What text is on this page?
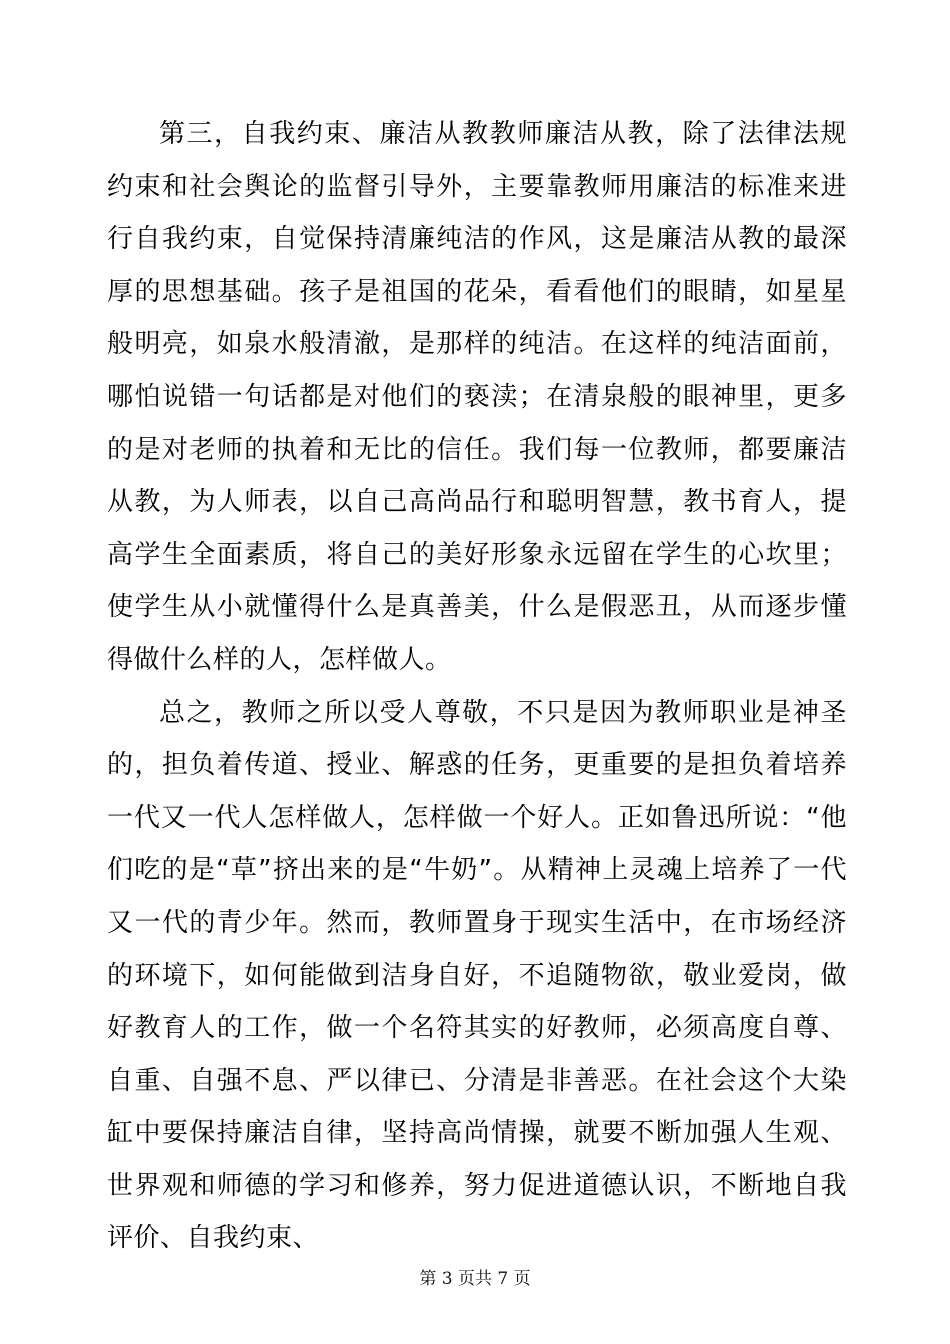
第三，自我约束、廉洁从教教师廉洁从教，除了法律法规约束和社会舆论的监督引导外，主要靠教师用廉洁的标准来进行自我约束，自觉保持清廉纯洁的作风，这是廉洁从教的最深厚的思想基础。孩子是祖国的花朵，看看他们的眼睛，如星星般明亮，如泉水般清澈，是那样的纯洁。在这样的纯洁面前，哪怕说错一句话都是对他们的亵渎；在清泉般的眼神里，更多的是对老师的执着和无比的信任。我们每一位教师，都要廉洁从教，为人师表，以自己高尚品行和聪明智慧，教书育人，提高学生全面素质，将自己的美好形象永远留在学生的心坎里；使学生从小就懂得什么是真善美，什么是假恶丑，从而逐步懂得做什么样的人，怎样做人。

总之，教师之所以受人尊敬，不只是因为教师职业是神圣的，担负着传道、授业、解惑的任务，更重要的是担负着培养一代又一代人怎样做人，怎样做一个好人。正如鲁迅所说：“他们吃的是“草”挤出来的是“牛奶”。从精神上灵魂上培养了一代又一代的青少年。然而，教师置身于现实生活中，在市场经济的环境下，如何能做到洁身自好，不追随物欲，敬业爱岗，做好教育人的工作，做一个名符其实的好教师，必须高度自尊、自重、自强不息、严以律已、分清是非善恶。在社会这个大染缸中要保持廉洁自律，坚持高尚情操，就要不断加强人生观、世界观和师德的学习和修养，努力促进道德认识，不断地自我评价、自我约束、

第 3 页共 7 页
